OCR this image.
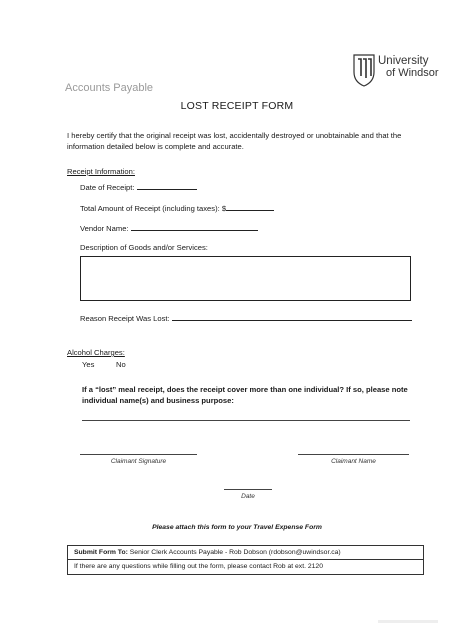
University
of Windsor
Accounts Payable
LOST RECEIPT FORM
I hereby certify that the original receipt was lost, accidentally destroyed or unobtainable and that the information detailed below is complete and accurate.
Receipt Information:
Date of Receipt:
Total Amount of Receipt (including taxes): $
Vendor Name:
Description of Goods and/or Services:
Reason Receipt Was Lost:
Alcohol Charges:
Yes	No
If a “lost” meal receipt, does the receipt cover more than one individual? If so, please note individual name(s) and business purpose:
Claimant Signature	Claimant Name
Date
Please attach this form to your Travel Expense Form
Submit Form To: Senior Clerk Accounts Payable - Rob Dobson (rdobson@uwindsor.ca)
If there are any questions while filling out the form, please contact Rob at ext. 2120
